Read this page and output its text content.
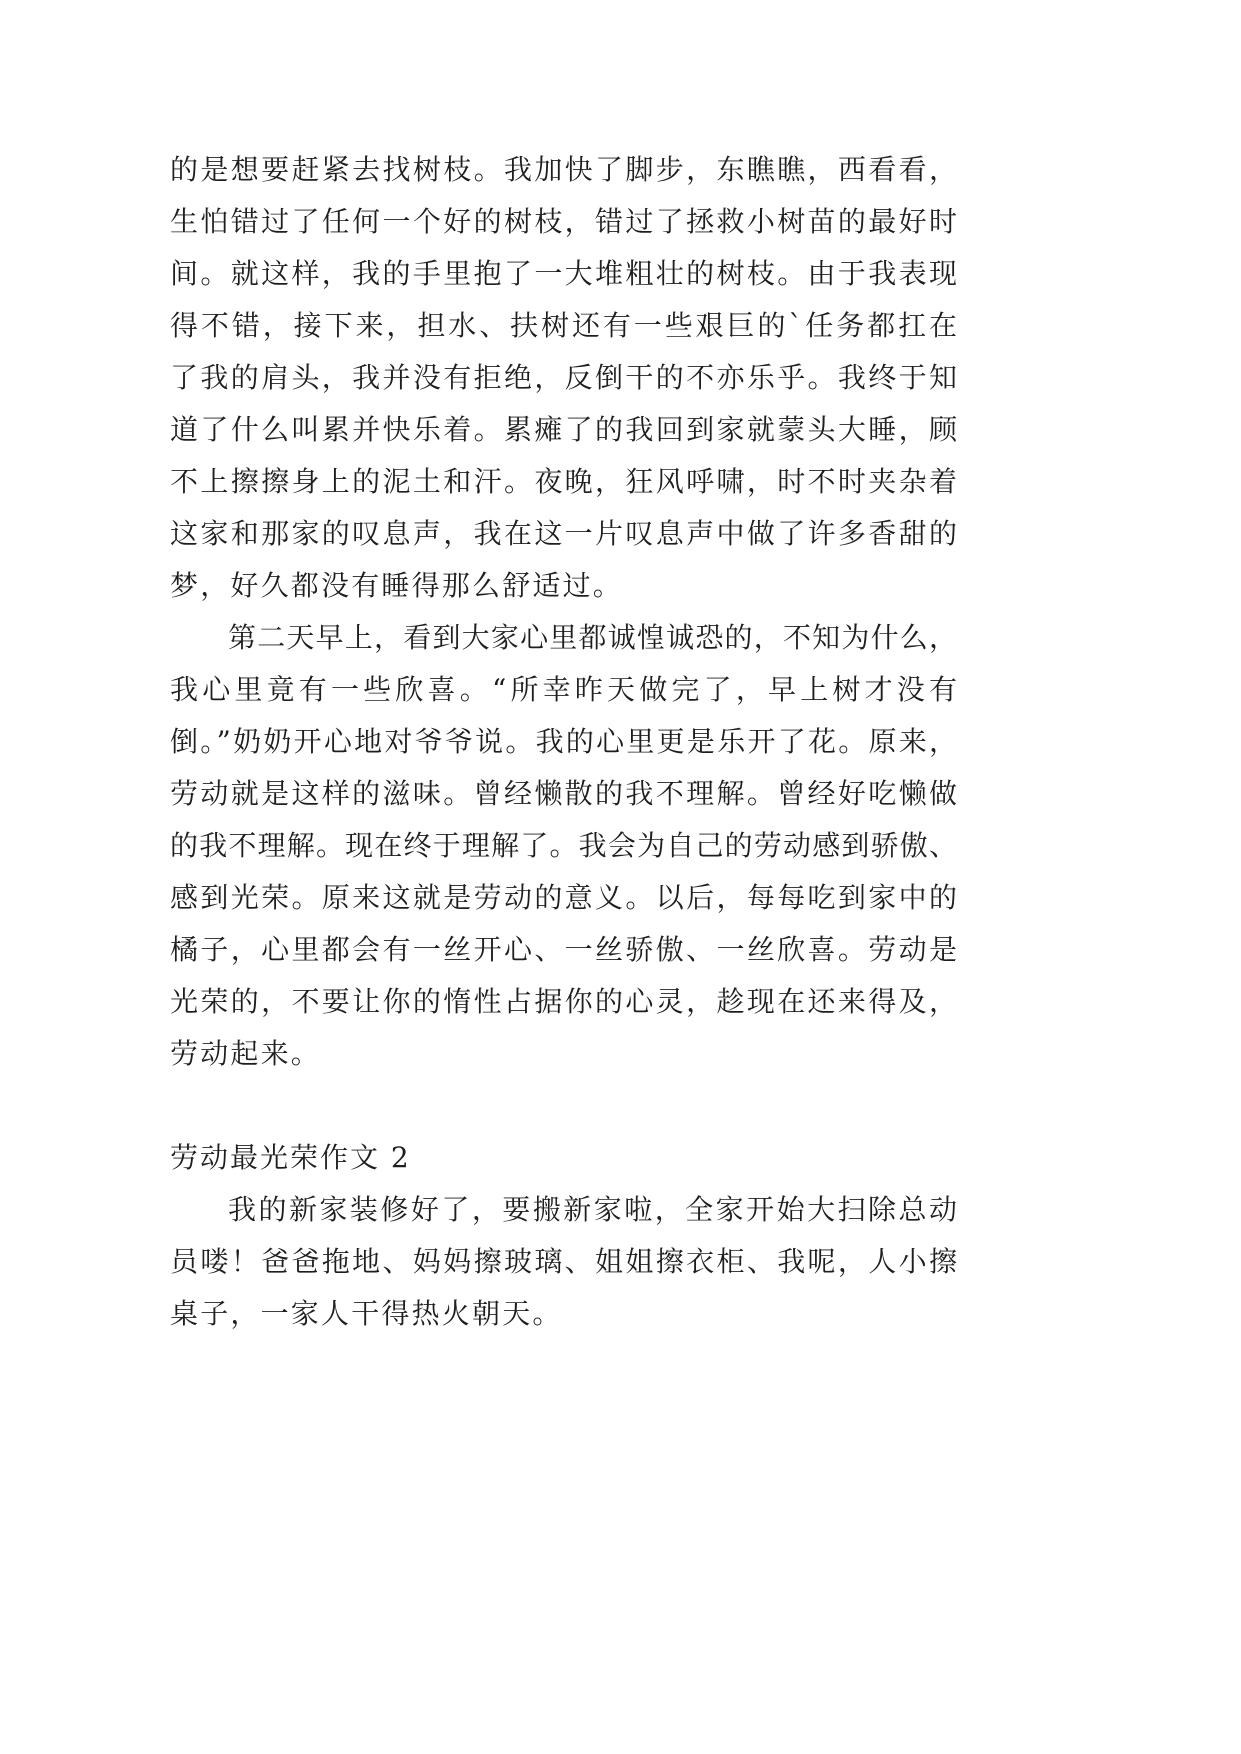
的是想要赶紧去找树枝。我加快了脚步，东瞧瞧，西看看，
生怕错过了任何一个好的树枝，错过了拯救小树苗的最好时
间。就这样，我的手里抱了一大堆粗壮的树枝。由于我表现
得不错，接下来，担水、扶树还有一些艰巨的`任务都扛在
了我的肩头，我并没有拒绝，反倒干的不亦乐乎。我终于知
道了什么叫累并快乐着。累瘫了的我回到家就蒙头大睡，顾
不上擦擦身上的泥土和汗。夜晚，狂风呼啸，时不时夹杂着
这家和那家的叹息声，我在这一片叹息声中做了许多香甜的
梦，好久都没有睡得那么舒适过。
第二天早上，看到大家心里都诚惶诚恐的，不知为什么，
我心里竟有一些欣喜。“所幸昨天做完了，早上树才没有
倒。”奶奶开心地对爷爷说。我的心里更是乐开了花。原来，
劳动就是这样的滋味。曾经懒散的我不理解。曾经好吃懒做
的我不理解。现在终于理解了。我会为自己的劳动感到骄傲、
感到光荣。原来这就是劳动的意义。以后，每每吃到家中的
橘子，心里都会有一丝开心、一丝骄傲、一丝欣喜。劳动是
光荣的，不要让你的惰性占据你的心灵，趁现在还来得及，
劳动起来。
劳动最光荣作文 2
我的新家装修好了，要搬新家啦，全家开始大扫除总动
员喽！爸爸拖地、妈妈擦玻璃、姐姐擦衣柜、我呢，人小擦
桌子，一家人干得热火朝天。
